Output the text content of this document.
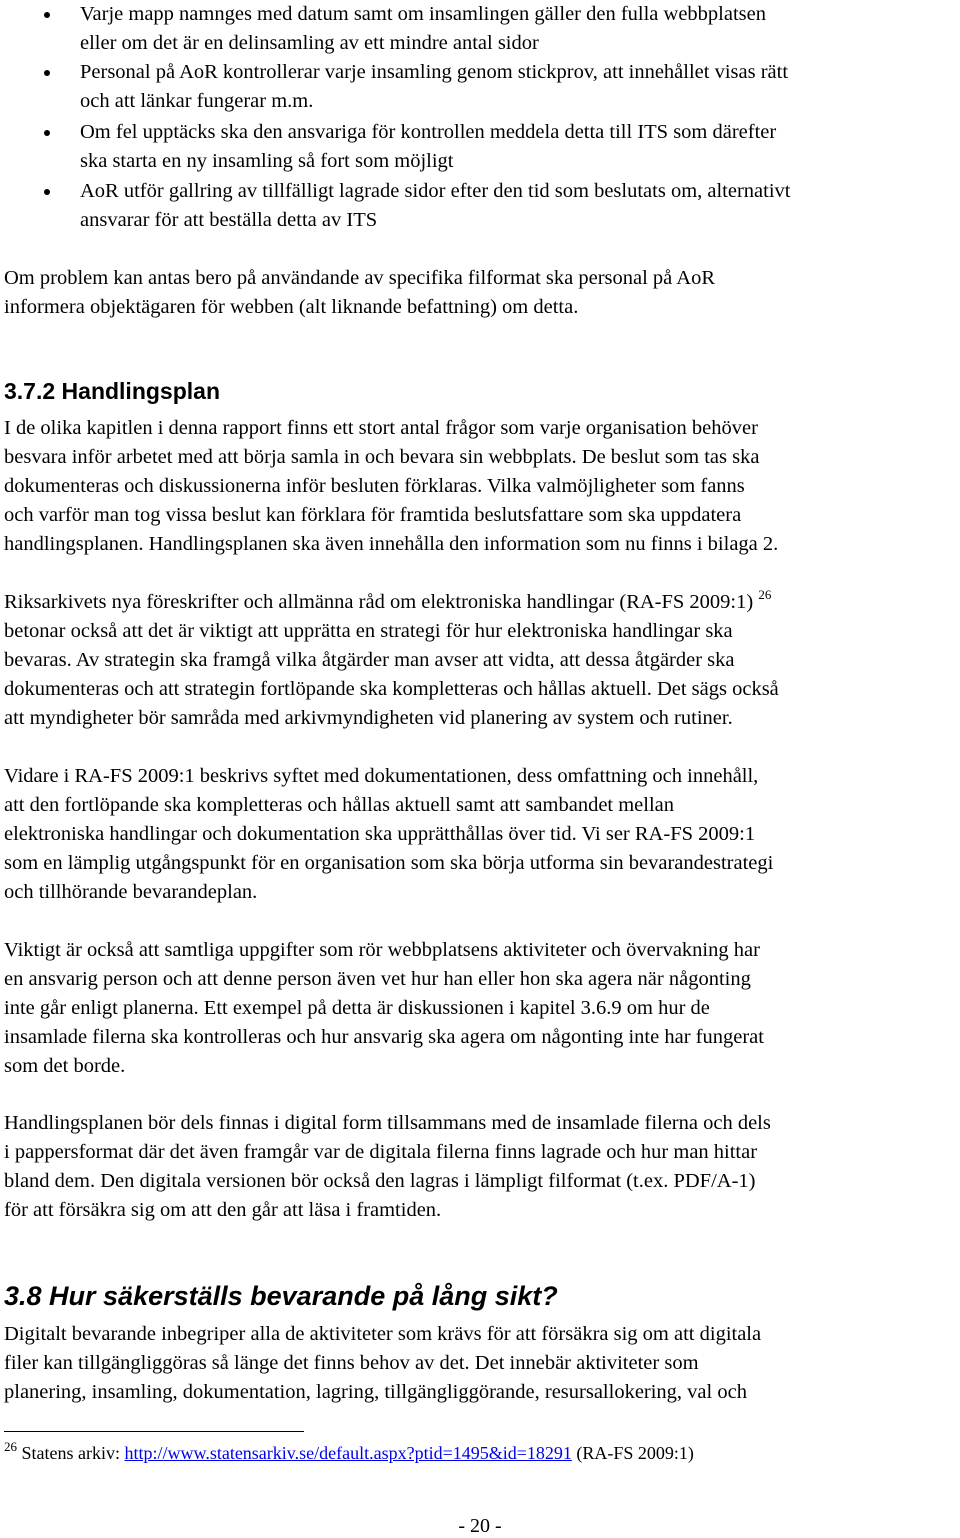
Varje mapp namnges med datum samt om insamlingen gäller den fulla webbplatsen
eller om det är en delinsamling av ett mindre antal sidor
Personal på AoR kontrollerar varje insamling genom stickprov, att innehållet visas rätt
och att länkar fungerar m.m.
Om fel upptäcks ska den ansvariga för kontrollen meddela detta till ITS som därefter
ska starta en ny insamling så fort som möjligt
AoR utför gallring av tillfälligt lagrade sidor efter den tid som beslutats om, alternativt
ansvarar för att beställa detta av ITS

Om problem kan antas bero på användande av specifika filformat ska personal på AoR
informera objektägaren för webben (alt liknande befattning) om detta.

3.7.2 Handlingsplan

I de olika kapitlen i denna rapport finns ett stort antal frågor som varje organisation behöver
besvara inför arbetet med att börja samla in och bevara sin webbplats. De beslut som tas ska
dokumenteras och diskussionerna inför besluten förklaras. Vilka valmöjligheter som fanns
och varför man tog vissa beslut kan förklara för framtida beslutsfattare som ska uppdatera
handlingsplanen. Handlingsplanen ska även innehålla den information som nu finns i bilaga 2.

Riksarkivets nya föreskrifter och allmänna råd om elektroniska handlingar (RA-FS 2009:1) $^{26}$
betonar också att det är viktigt att upprätta en strategi för hur elektroniska handlingar ska
bevaras. Av strategin ska framgå vilka åtgärder man avser att vidta, att dessa åtgärder ska
dokumenteras och att strategin fortlöpande ska kompletteras och hållas aktuell. Det sägs också
att myndigheter bör samråda med arkivmyndigheten vid planering av system och rutiner.

Vidare i RA-FS 2009:1 beskrivs syftet med dokumentationen, dess omfattning och innehåll,
att den fortlöpande ska kompletteras och hållas aktuell samt att sambandet mellan
elektroniska handlingar och dokumentation ska upprätthållas över tid. Vi ser RA-FS 2009:1
som en lämplig utgångspunkt för en organisation som ska börja utforma sin bevarandestrategi
och tillhörande bevarandeplan.

Viktigt är också att samtliga uppgifter som rör webbplatsens aktiviteter och övervakning har
en ansvarig person och att denne person även vet hur han eller hon ska agera när någonting
inte går enligt planerna. Ett exempel på detta är diskussionen i kapitel 3.6.9 om hur de
insamlade filerna ska kontrolleras och hur ansvarig ska agera om någonting inte har fungerat
som det borde.

Handlingsplanen bör dels finnas i digital form tillsammans med de insamlade filerna och dels
i pappersformat där det även framgår var de digitala filerna finns lagrade och hur man hittar
bland dem. Den digitala versionen bör också den lagras i lämpligt filformat (t.ex. PDF/A-1)
för att försäkra sig om att den går att läsa i framtiden.

3.8 Hur säkerställs bevarande på lång sikt?

Digitalt bevarande inbegriper alla de aktiviteter som krävs för att försäkra sig om att digitala
filer kan tillgängliggöras så länge det finns behov av det. Det innebär aktiviteter som
planering, insamling, dokumentation, lagring, tillgängliggörande, resursallokering, val och

$^{26}$ Statens arkiv: http://www.statensarkiv.se/default.aspx?ptid=1495&id=18291 (RA-FS 2009:1)

- 20 -
